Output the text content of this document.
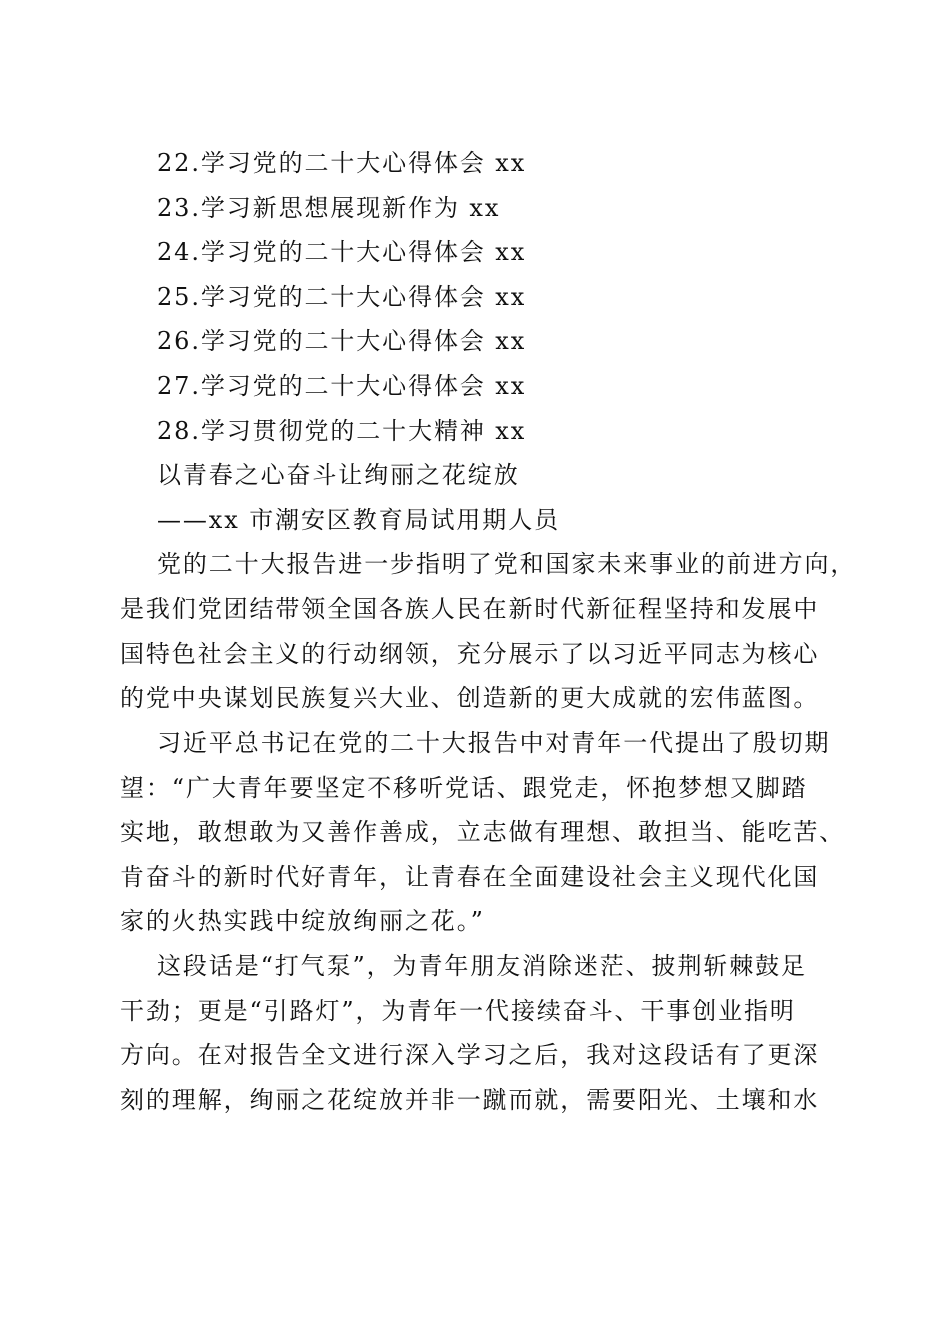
22.学习党的二十大心得体会 xx
23.学习新思想展现新作为 xx
24.学习党的二十大心得体会 xx
25.学习党的二十大心得体会 xx
26.学习党的二十大心得体会 xx
27.学习党的二十大心得体会 xx
28.学习贯彻党的二十大精神 xx
以青春之心奋斗让绚丽之花绽放
——xx 市潮安区教育局试用期人员
党的二十大报告进一步指明了党和国家未来事业的前进方向，
是我们党团结带领全国各族人民在新时代新征程坚持和发展中
国特色社会主义的行动纲领，充分展示了以习近平同志为核心
的党中央谋划民族复兴大业、创造新的更大成就的宏伟蓝图。
习近平总书记在党的二十大报告中对青年一代提出了殷切期
望：“广大青年要坚定不移听党话、跟党走，怀抱梦想又脚踏
实地，敢想敢为又善作善成，立志做有理想、敢担当、能吃苦、
肯奋斗的新时代好青年，让青春在全面建设社会主义现代化国
家的火热实践中绽放绚丽之花。”
这段话是“打气泵”，为青年朋友消除迷茫、披荆斩棘鼓足
干劲；更是“引路灯”，为青年一代接续奋斗、干事创业指明
方向。在对报告全文进行深入学习之后，我对这段话有了更深
刻的理解，绚丽之花绽放并非一蹴而就，需要阳光、土壤和水
